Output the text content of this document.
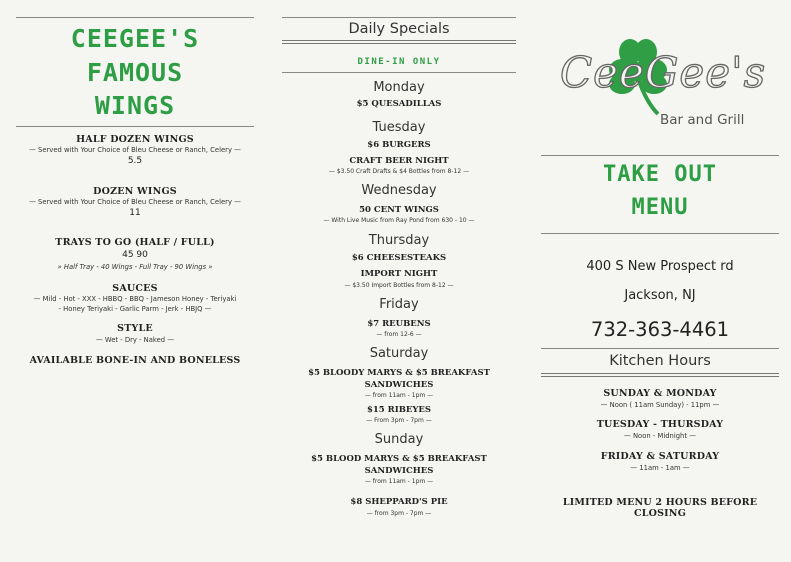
CEEGEE'S
FAMOUS
WINGS
HALF DOZEN WINGS
— Served with Your Choice of Bleu Cheese or Ranch, Celery —
5.5
DOZEN WINGS
— Served with Your Choice of Bleu Cheese or Ranch, Celery —
11
TRAYS TO GO (HALF / FULL)
45 90
» Half Tray - 40 Wings - Full Tray - 90 Wings »
SAUCES
— Mild - Hot - XXX - HBBQ - BBQ - Jameson Honey - Teriyaki
- Honey Teriyaki - Garlic Parm - Jerk - HBJQ —
STYLE
— Wet - Dry - Naked —
AVAILABLE BONE-IN AND BONELESS
Daily Specials
DINE-IN ONLY
Monday
$5 QUESADILLAS
Tuesday
$6 BURGERS
CRAFT BEER NIGHT
— $3.50 Craft Drafts & $4 Bottles from 8-12 —
Wednesday
50 CENT WINGS
— With Live Music from Ray Pond from 630 - 10 —
Thursday
$6 CHEESESTEAKS
IMPORT NIGHT
— $3.50 Import Bottles from 8-12 —
Friday
$7 REUBENS
— from 12-6 —
Saturday
$5 BLOODY MARYS & $5 BREAKFAST
SANDWICHES
— from 11am - 1pm —
$15 RIBEYES
— From 3pm - 7pm —
Sunday
$5 BLOOD MARYS & $5 BREAKFAST
SANDWICHES
— from 11am - 1pm —
$8 SHEPPARD'S PIE
— from 3pm - 7pm —
CeeGee's
Bar and Grill
TAKE OUT
MENU
400 S New Prospect rd
Jackson, NJ
732-363-4461
Kitchen Hours
SUNDAY & MONDAY
— Noon ( 11am Sunday) - 11pm —
TUESDAY - THURSDAY
— Noon - Midnight —
FRIDAY & SATURDAY
— 11am - 1am —
LIMITED MENU 2 HOURS BEFORE CLOSING
